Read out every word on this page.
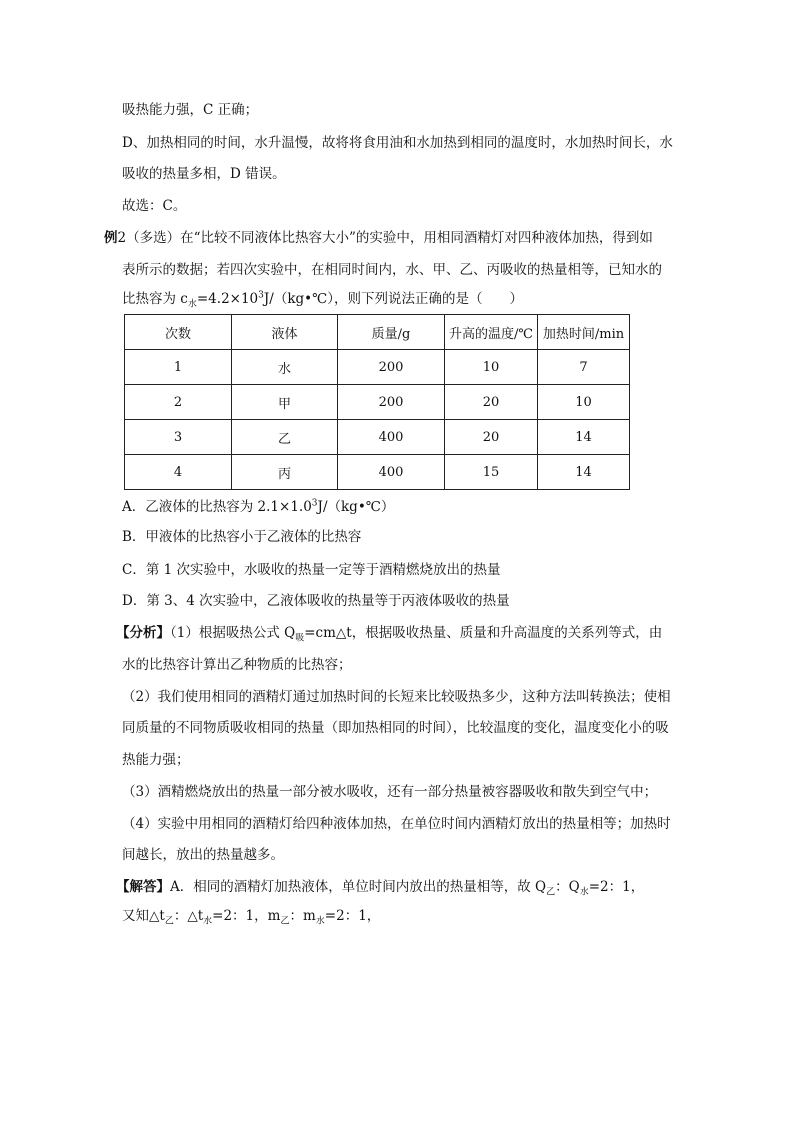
吸热能力强，C 正确；
D、加热相同的时间，水升温慢，故将将食用油和水加热到相同的温度时，水加热时间长，水
吸收的热量多相，D 错误。
故选：C。
例2（多选）在“比较不同液体比热容大小”的实验中，用相同酒精灯对四种液体加热，得到如
表所示的数据；若四次实验中，在相同时间内，水、甲、乙、丙吸收的热量相等，已知水的
比热容为 $c_水=4.2\times 10^3J/(kg•℃)$，则下列说法正确的是（　　）
次数	液体	质量/g	升高的温度/℃	加热时间/min
1	水	200	10	7
2	甲	200	20	10
3	乙	400	20	14
4	丙	400	15	14
A．乙液体的比热容为 $2.1\times 1.0^3J/(kg•℃)$
B．甲液体的比热容小于乙液体的比热容
C．第 1 次实验中，水吸收的热量一定等于酒精燃烧放出的热量
D．第 3、4 次实验中，乙液体吸收的热量等于丙液体吸收的热量
【分析】（1）根据吸热公式 $Q_吸=cm\triangle t$，根据吸收热量、质量和升高温度的关系列等式，由
水的比热容计算出乙种物质的比热容；
（2）我们使用相同的酒精灯通过加热时间的长短来比较吸热多少，这种方法叫转换法；使相
同质量的不同物质吸收相同的热量（即加热相同的时间），比较温度的变化，温度变化小的吸
热能力强；
（3）酒精燃烧放出的热量一部分被水吸收，还有一部分热量被容器吸收和散失到空气中；
（4）实验中用相同的酒精灯给四种液体加热，在单位时间内酒精灯放出的热量相等；加热时
间越长，放出的热量越多。
【解答】A．相同的酒精灯加热液体，单位时间内放出的热量相等，故 $Q_乙$：$Q_水=2$：1，
又知$\triangle t_乙$：$\triangle t_水=2$：1，$m_乙$：$m_水=2$：1，
